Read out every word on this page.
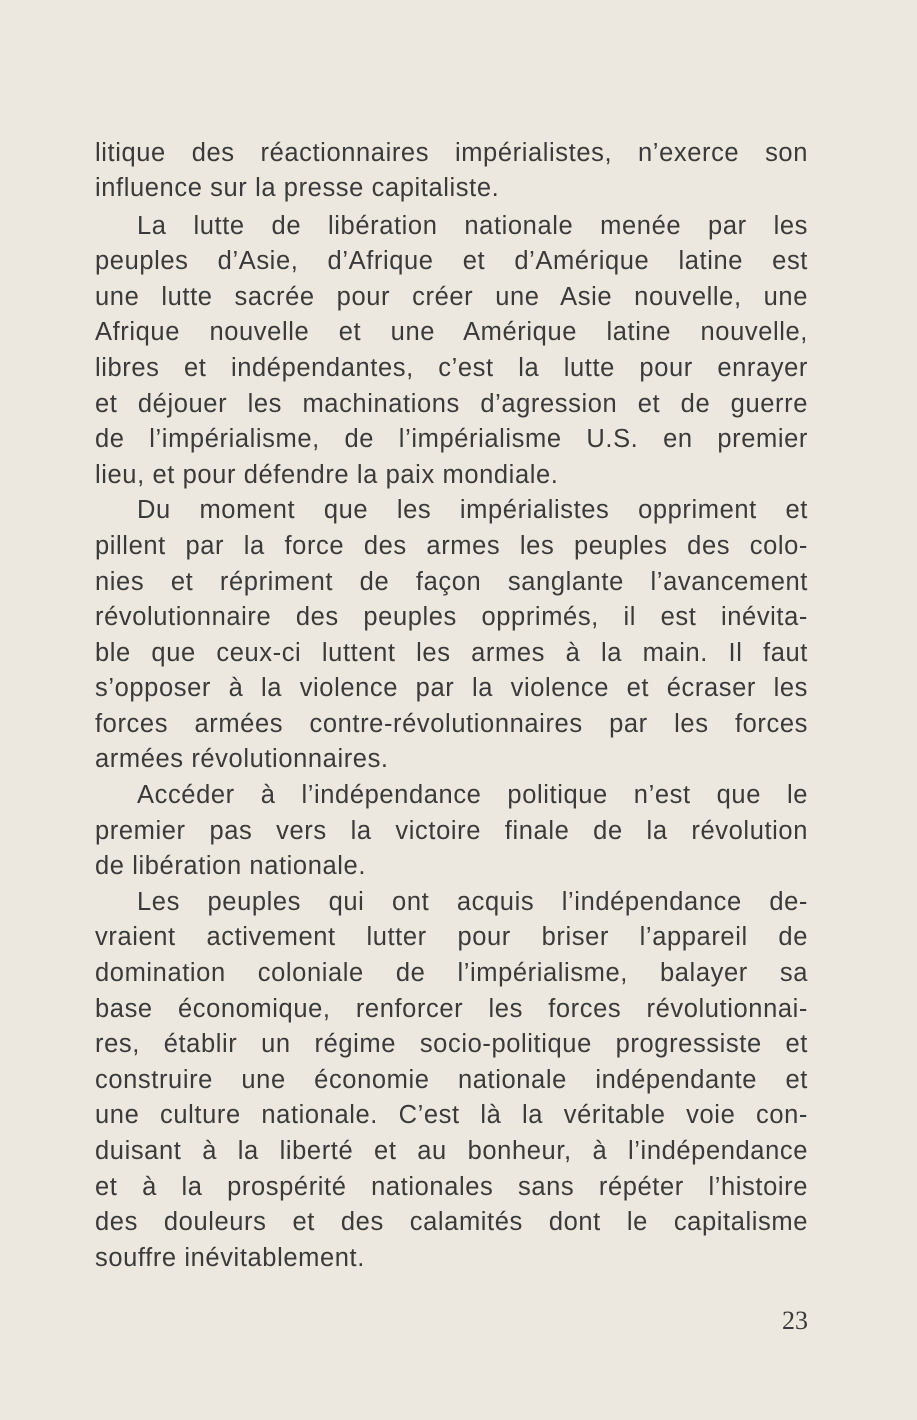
litique des réactionnaires impérialistes, n’exerce son

influence sur la presse capitaliste.

La lutte de libération nationale menée par les

peuples d’Asie, d’Afrique et d’Amérique latine est

une lutte sacrée pour créer une Asie nouvelle, une

Afrique nouvelle et une Amérique latine nouvelle,

libres et indépendantes, c’est la lutte pour enrayer

et déjouer les machinations d’agression et de guerre

de l’impérialisme, de l’impérialisme U.S. en premier

lieu, et pour défendre la paix mondiale.

Du moment que les impérialistes oppriment et

pillent par la force des armes les peuples des colo-

nies et répriment de façon sanglante l’avancement

révolutionnaire des peuples opprimés, il est inévita-

ble que ceux-ci luttent les armes à la main. Il faut

s’opposer à la violence par la violence et écraser les

forces armées contre-révolutionnaires par les forces

armées révolutionnaires.

Accéder à l’indépendance politique n’est que le

premier pas vers la victoire finale de la révolution

de libération nationale.

Les peuples qui ont acquis l’indépendance de-

vraient activement lutter pour briser l’appareil de

domination coloniale de l’impérialisme, balayer sa

base économique, renforcer les forces révolutionnai-

res, établir un régime socio-politique progressiste et

construire une économie nationale indépendante et

une culture nationale. C’est là la véritable voie con-

duisant à la liberté et au bonheur, à l’indépendance

et à la prospérité nationales sans répéter l’histoire

des douleurs et des calamités dont le capitalisme

souffre inévitablement.

23
